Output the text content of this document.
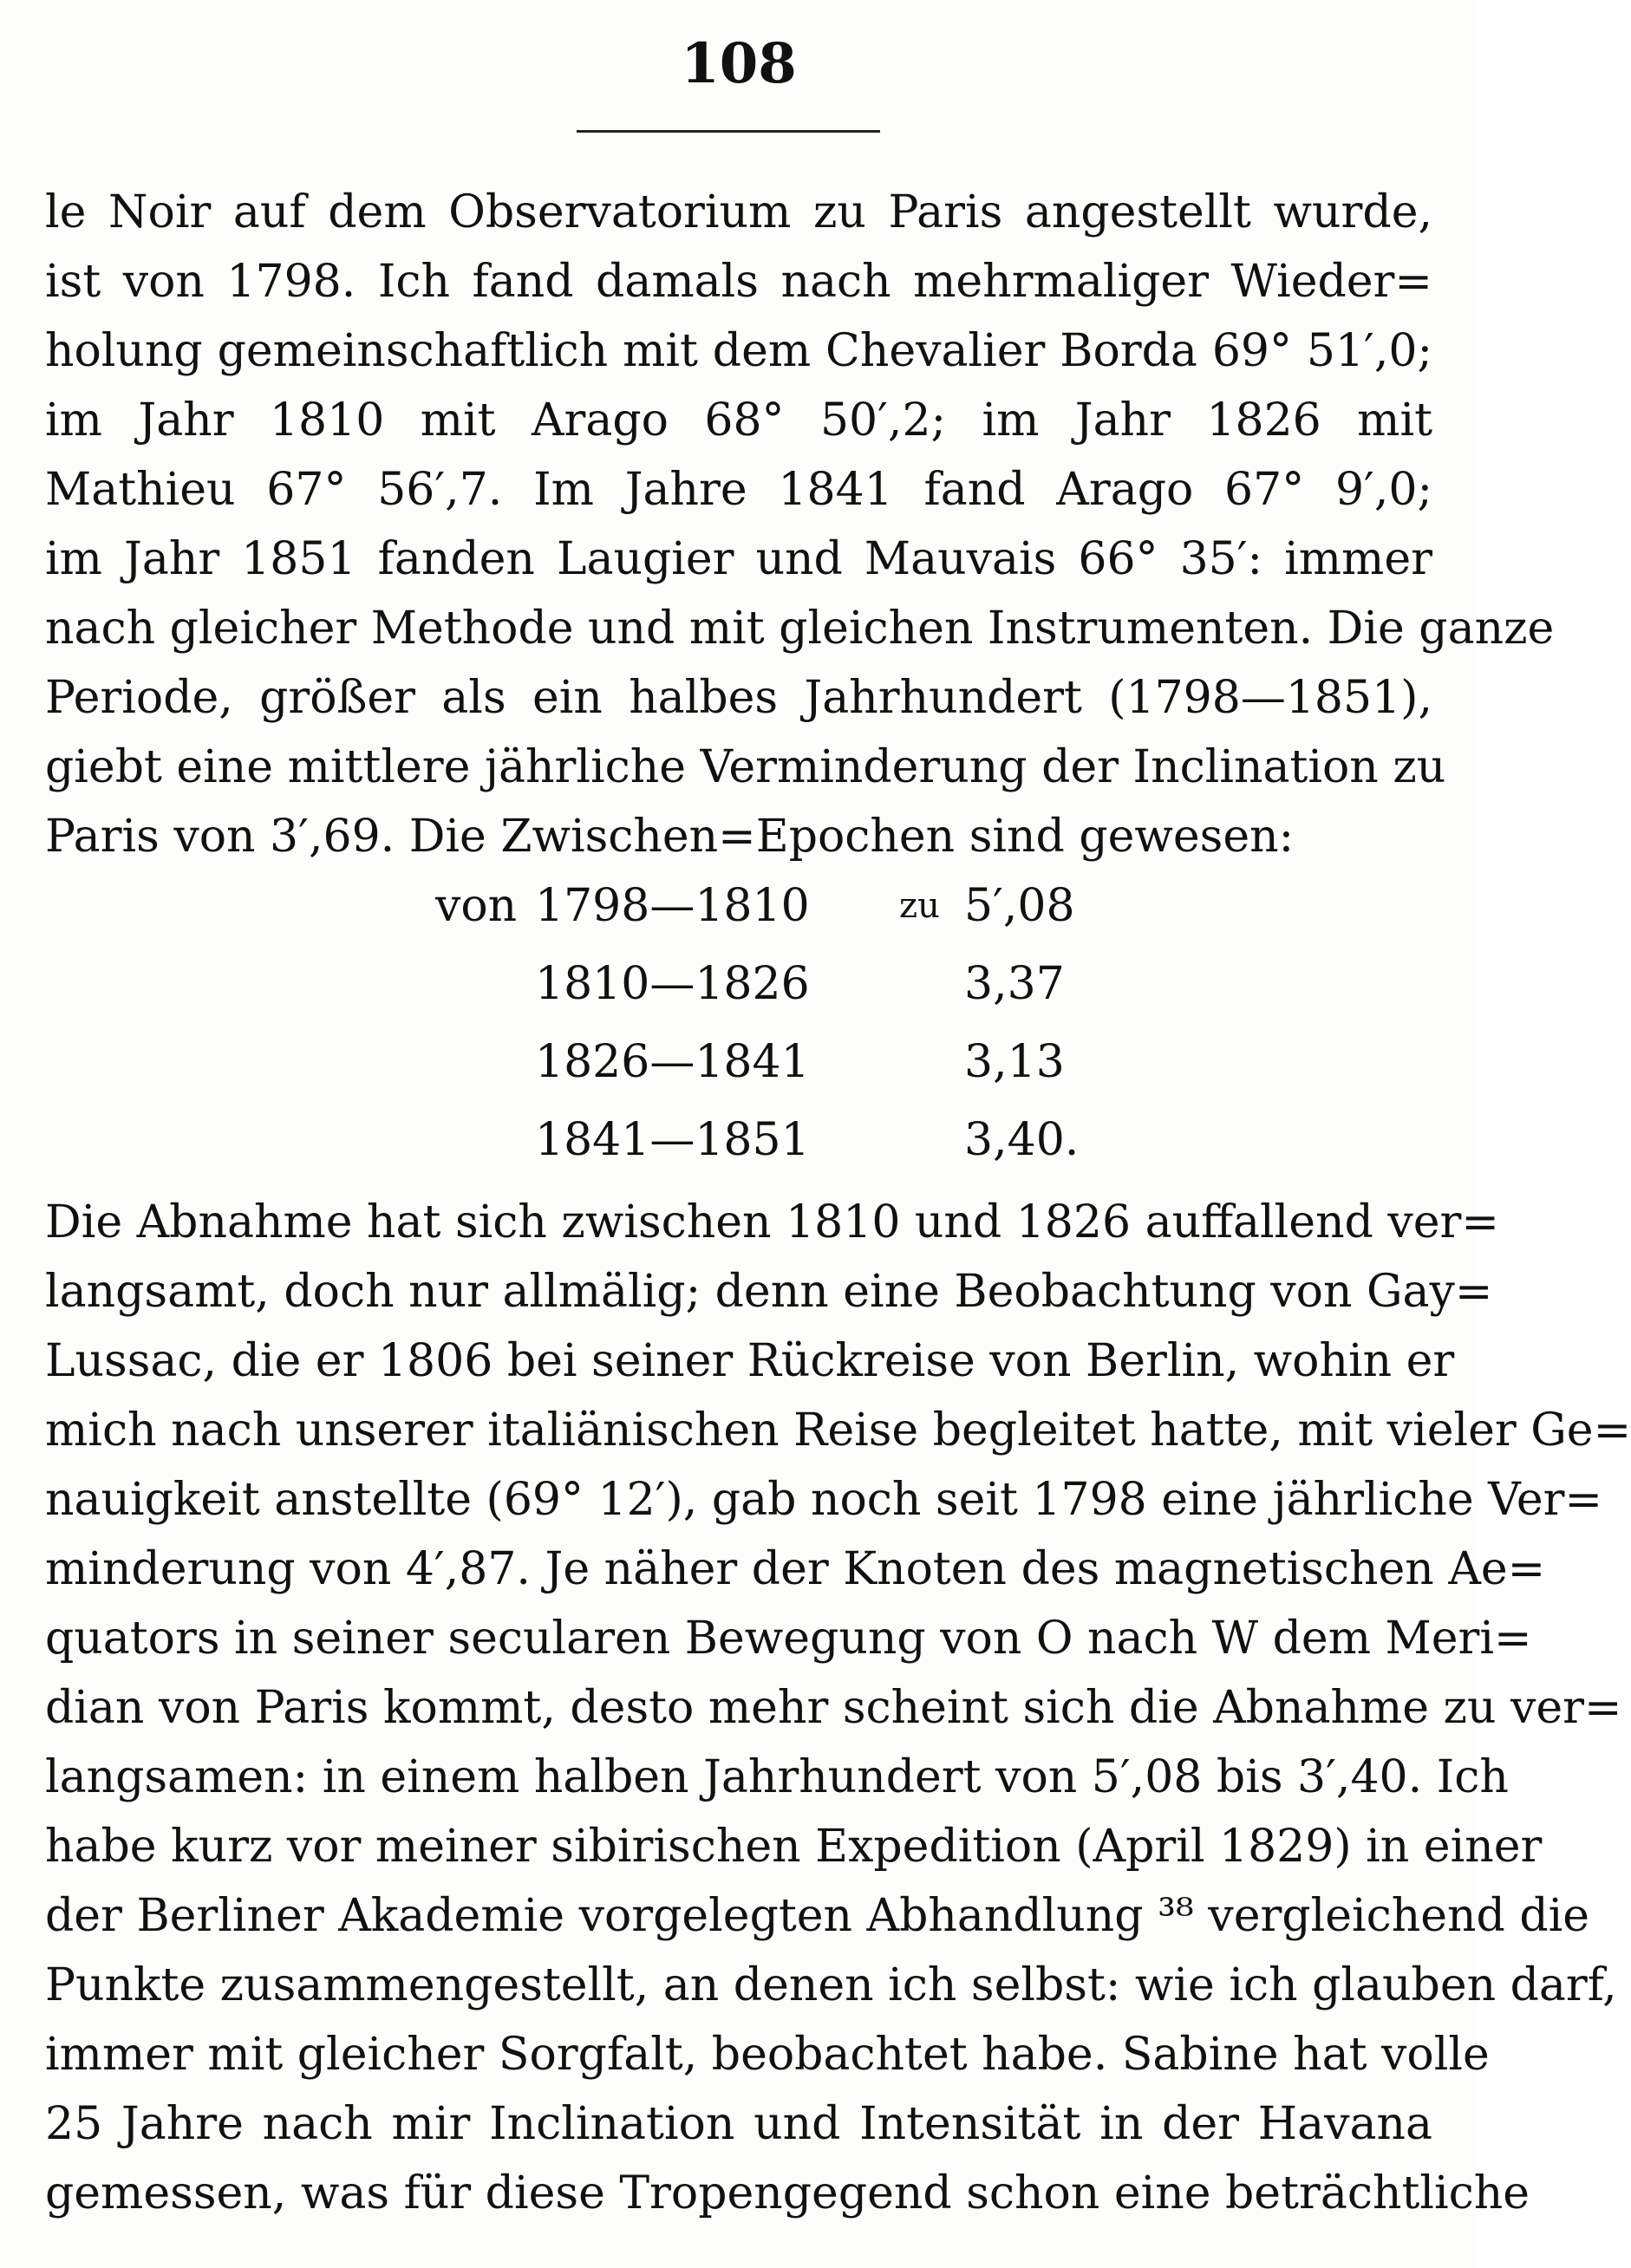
108
le Noir auf dem Observatorium zu Paris angestellt wurde,
ist von 1798. Ich fand damals nach mehrmaliger Wieder=
holung gemeinschaftlich mit dem Chevalier Borda 69° 51′,0;
im Jahr 1810 mit Arago 68° 50′,2; im Jahr 1826 mit
Mathieu 67° 56′,7. Im Jahre 1841 fand Arago 67° 9′,0;
im Jahr 1851 fanden Laugier und Mauvais 66° 35′: immer
nach gleicher Methode und mit gleichen Instrumenten. Die ganze
Periode, größer als ein halbes Jahrhundert (1798—1851),
giebt eine mittlere jährliche Verminderung der Inclination zu
Paris von 3′,69. Die Zwischen=Epochen sind gewesen:
von 1798—1810	zu 5′,08
1810—1826	3,37
1826—1841	3,13
1841—1851	3,40.
Die Abnahme hat sich zwischen 1810 und 1826 auffallend ver=
langsamt, doch nur allmälig; denn eine Beobachtung von Gay=
Lussac, die er 1806 bei seiner Rückreise von Berlin, wohin er
mich nach unserer italiänischen Reise begleitet hatte, mit vieler Ge=
nauigkeit anstellte (69° 12′), gab noch seit 1798 eine jährliche Ver=
minderung von 4′,87. Je näher der Knoten des magnetischen Ae=
quators in seiner secularen Bewegung von O nach W dem Meri=
dian von Paris kommt, desto mehr scheint sich die Abnahme zu ver=
langsamen: in einem halben Jahrhundert von 5′,08 bis 3′,40. Ich
habe kurz vor meiner sibirischen Expedition (April 1829) in einer
der Berliner Akademie vorgelegten Abhandlung ³⁸ vergleichend die
Punkte zusammengestellt, an denen ich selbst: wie ich glauben darf,
immer mit gleicher Sorgfalt, beobachtet habe. Sabine hat volle
25 Jahre nach mir Inclination und Intensität in der Havana
gemessen, was für diese Tropengegend schon eine beträchtliche
